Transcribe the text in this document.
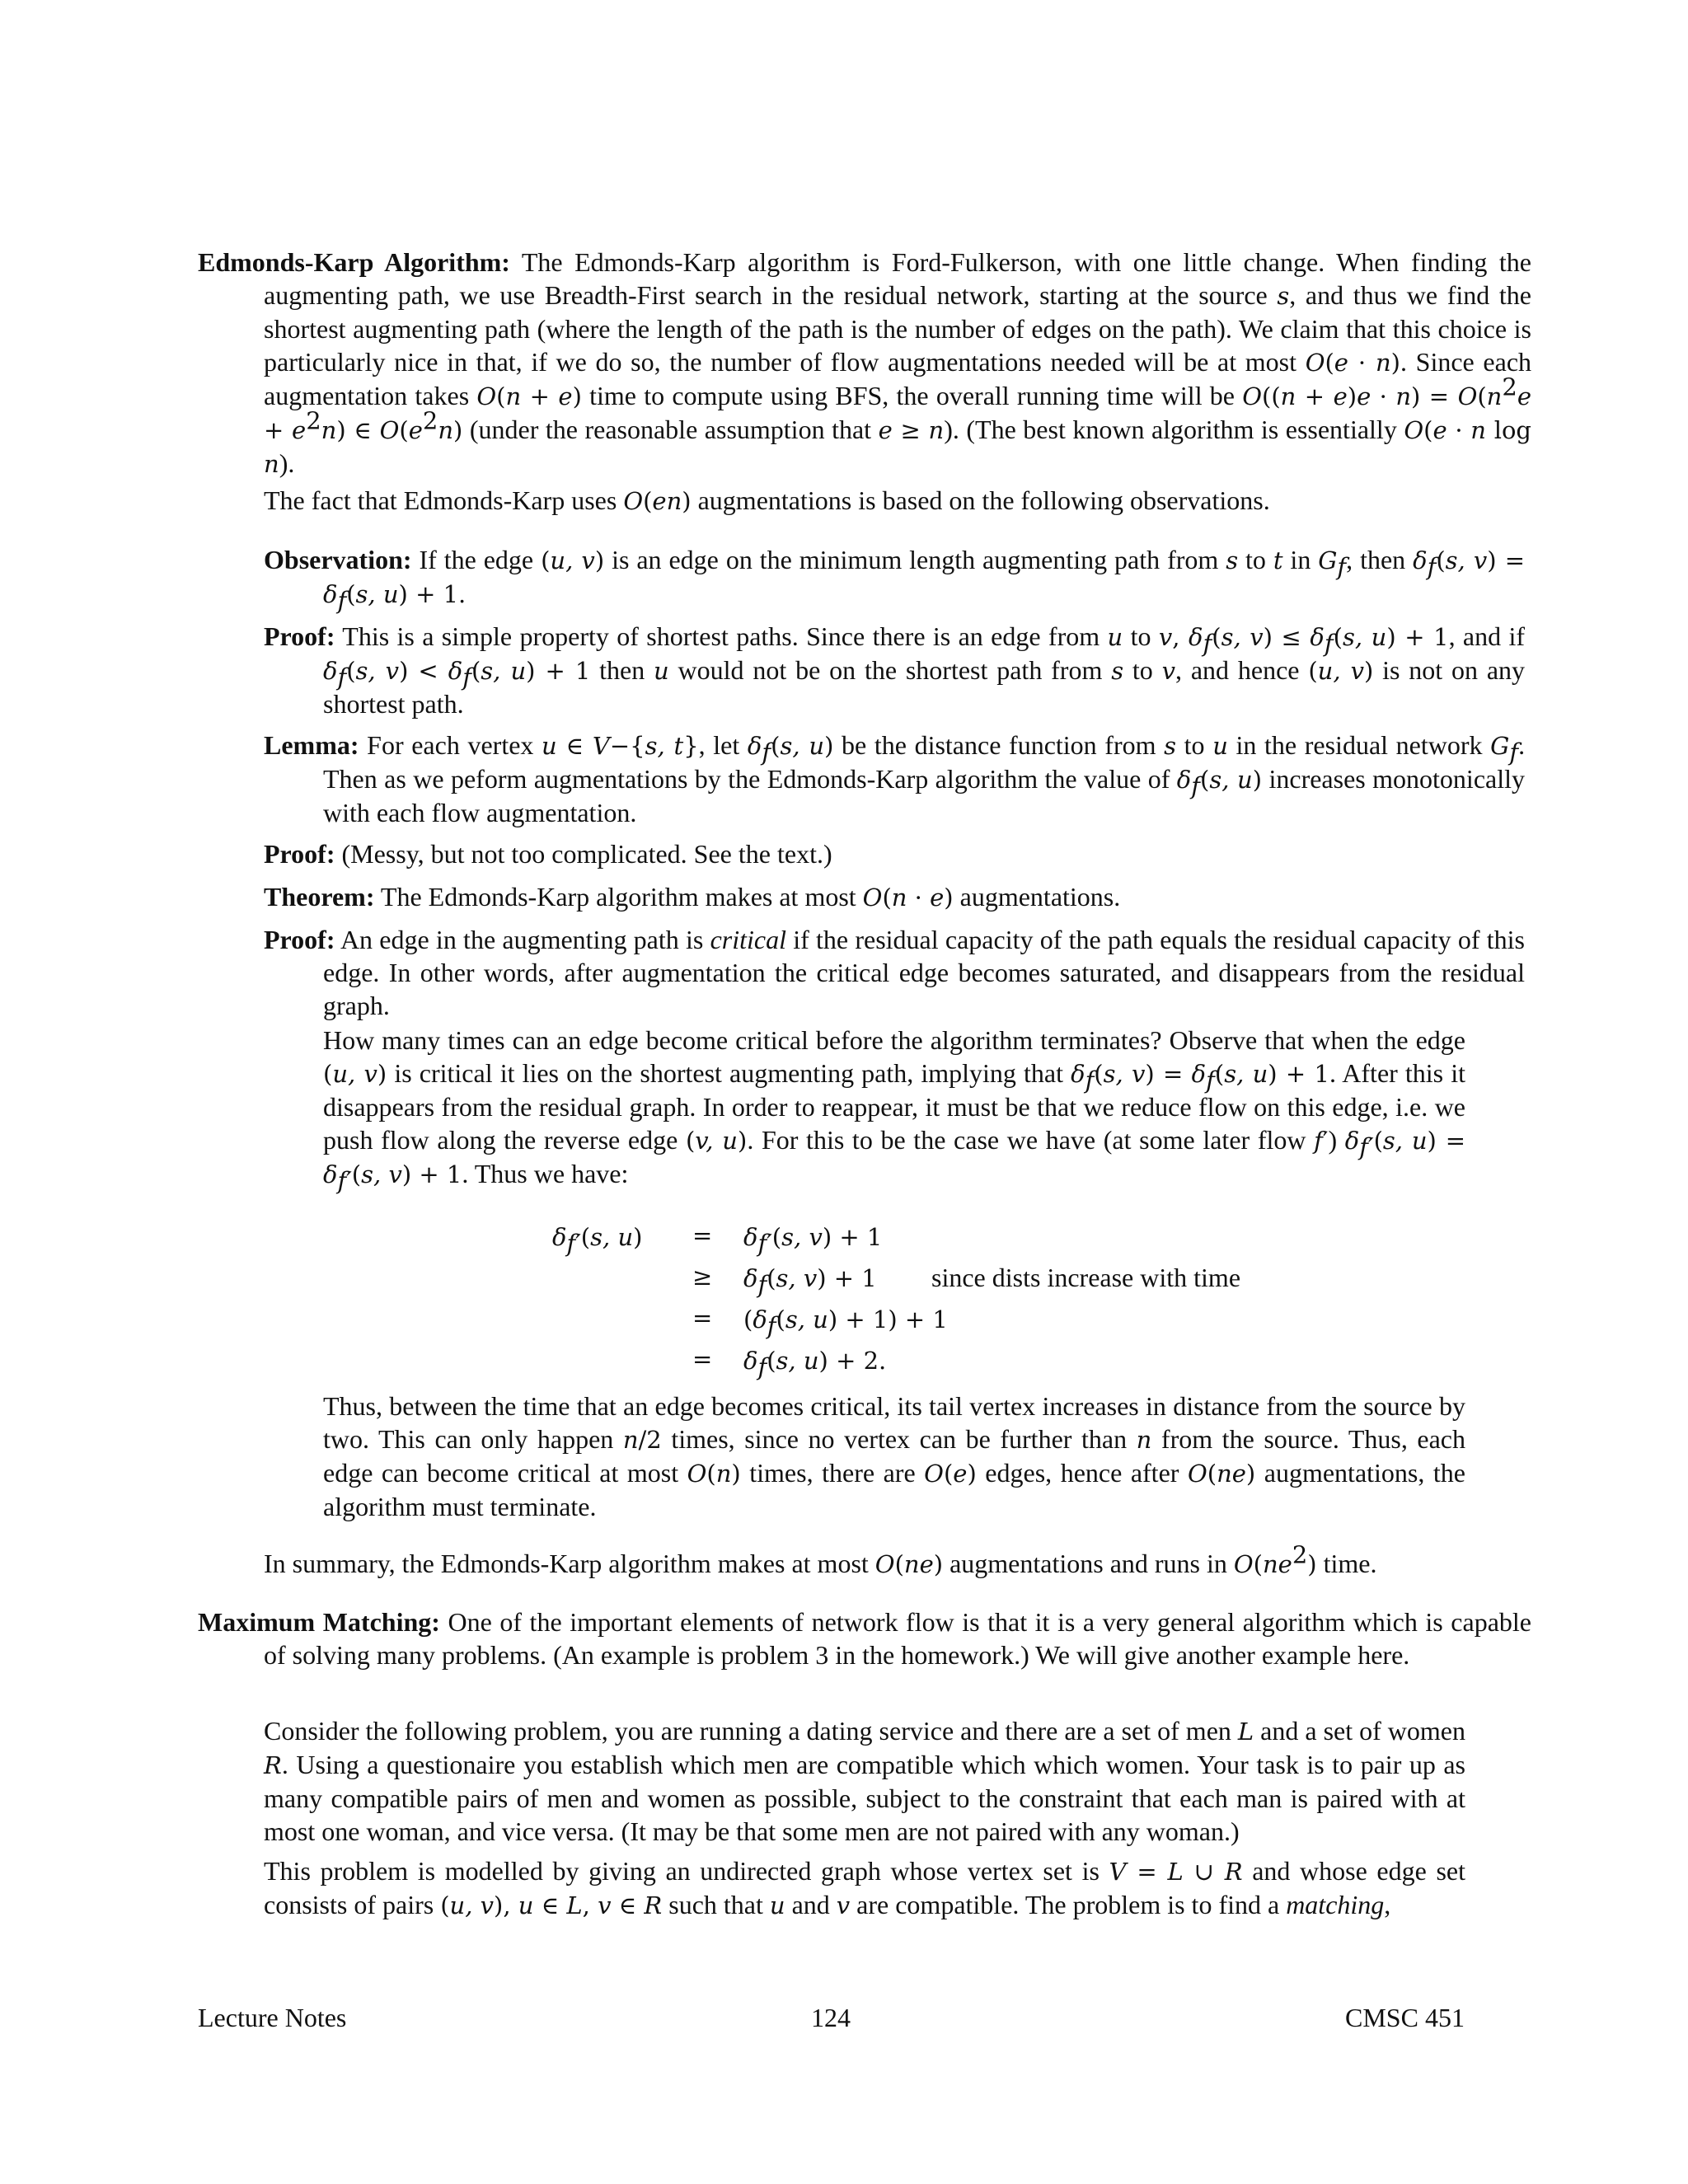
Edmonds-Karp Algorithm: The Edmonds-Karp algorithm is Ford-Fulkerson, with one little change. When finding the augmenting path, we use Breadth-First search in the residual network, starting at the source s, and thus we find the shortest augmenting path (where the length of the path is the number of edges on the path). We claim that this choice is particularly nice in that, if we do so, the number of flow augmentations needed will be at most O(e · n). Since each augmentation takes O(n + e) time to compute using BFS, the overall running time will be $O((n + e)e \cdot n) = O(n^2e + e^2n)$ ∈ $O(e^2n)$ (under the reasonable assumption that e ≥ n). (The best known algorithm is essentially O(e · n log n).

The fact that Edmonds-Karp uses O(en) augmentations is based on the following observations.

Observation: If the edge (u, v) is an edge on the minimum length augmenting path from s to t in $G_f$, then $\delta_f(s$, $v) = \delta_f(s$, u) + 1.

Proof: This is a simple property of shortest paths. Since there is an edge from u to v, $\delta_f(s$, $v) \le \delta_f(s$, u) + 1, and if $\delta_f(s$, $v) < \delta_f(s$, u) + 1 then u would not be on the shortest path from s to v, and hence (u, v) is not on any shortest path.

Lemma: For each vertex u ∈ V−{s, t}, let $\delta_f(s$, u) be the distance function from s to u in the residual network $G_f$. Then as we peform augmentations by the Edmonds-Karp algorithm the value of $\delta_f(s$, u) increases monotonically with each flow augmentation.

Proof: (Messy, but not too complicated. See the text.)

Theorem: The Edmonds-Karp algorithm makes at most O(n · e) augmentations.

Proof: An edge in the augmenting path is critical if the residual capacity of the path equals the residual capacity of this edge. In other words, after augmentation the critical edge becomes saturated, and disappears from the residual graph.

How many times can an edge become critical before the algorithm terminates? Observe that when the edge (u, v) is critical it lies on the shortest augmenting path, implying that $\delta_f(s$, $v) = \delta_f(s$, u) + 1. After this it disappears from the residual graph. In order to reappear, it must be that we reduce flow on this edge, i.e. we push flow along the reverse edge (v, u). For this to be the case we have (at some later flow f′) $\delta_{f'}(s$, $u) = \delta_{f'}(s$, v) + 1. Thus we have:

$\delta_{f'}(s$, $u) = \delta_{f'}(s$, v) + 1
≥ $\delta_f(s$, v) + 1 since dists increase with time
= ($\delta_f(s$, u) + 1) + 1
= $\delta_f(s$, u) + 2.

Thus, between the time that an edge becomes critical, its tail vertex increases in distance from the source by two. This can only happen n/2 times, since no vertex can be further than n from the source. Thus, each edge can become critical at most O(n) times, there are O(e) edges, hence after O(ne) augmentations, the algorithm must terminate.

In summary, the Edmonds-Karp algorithm makes at most O(ne) augmentations and runs in $O(ne^2)$ time.

Maximum Matching: One of the important elements of network flow is that it is a very general algorithm which is capable of solving many problems. (An example is problem 3 in the homework.) We will give another example here.

Consider the following problem, you are running a dating service and there are a set of men L and a set of women R. Using a questionaire you establish which men are compatible which which women. Your task is to pair up as many compatible pairs of men and women as possible, subject to the constraint that each man is paired with at most one woman, and vice versa. (It may be that some men are not paired with any woman.)

This problem is modelled by giving an undirected graph whose vertex set is V = L ∪ R and whose edge set consists of pairs (u, v), u ∈ L, v ∈ R such that u and v are compatible. The problem is to find a matching,

Lecture Notes	124	CMSC 451
